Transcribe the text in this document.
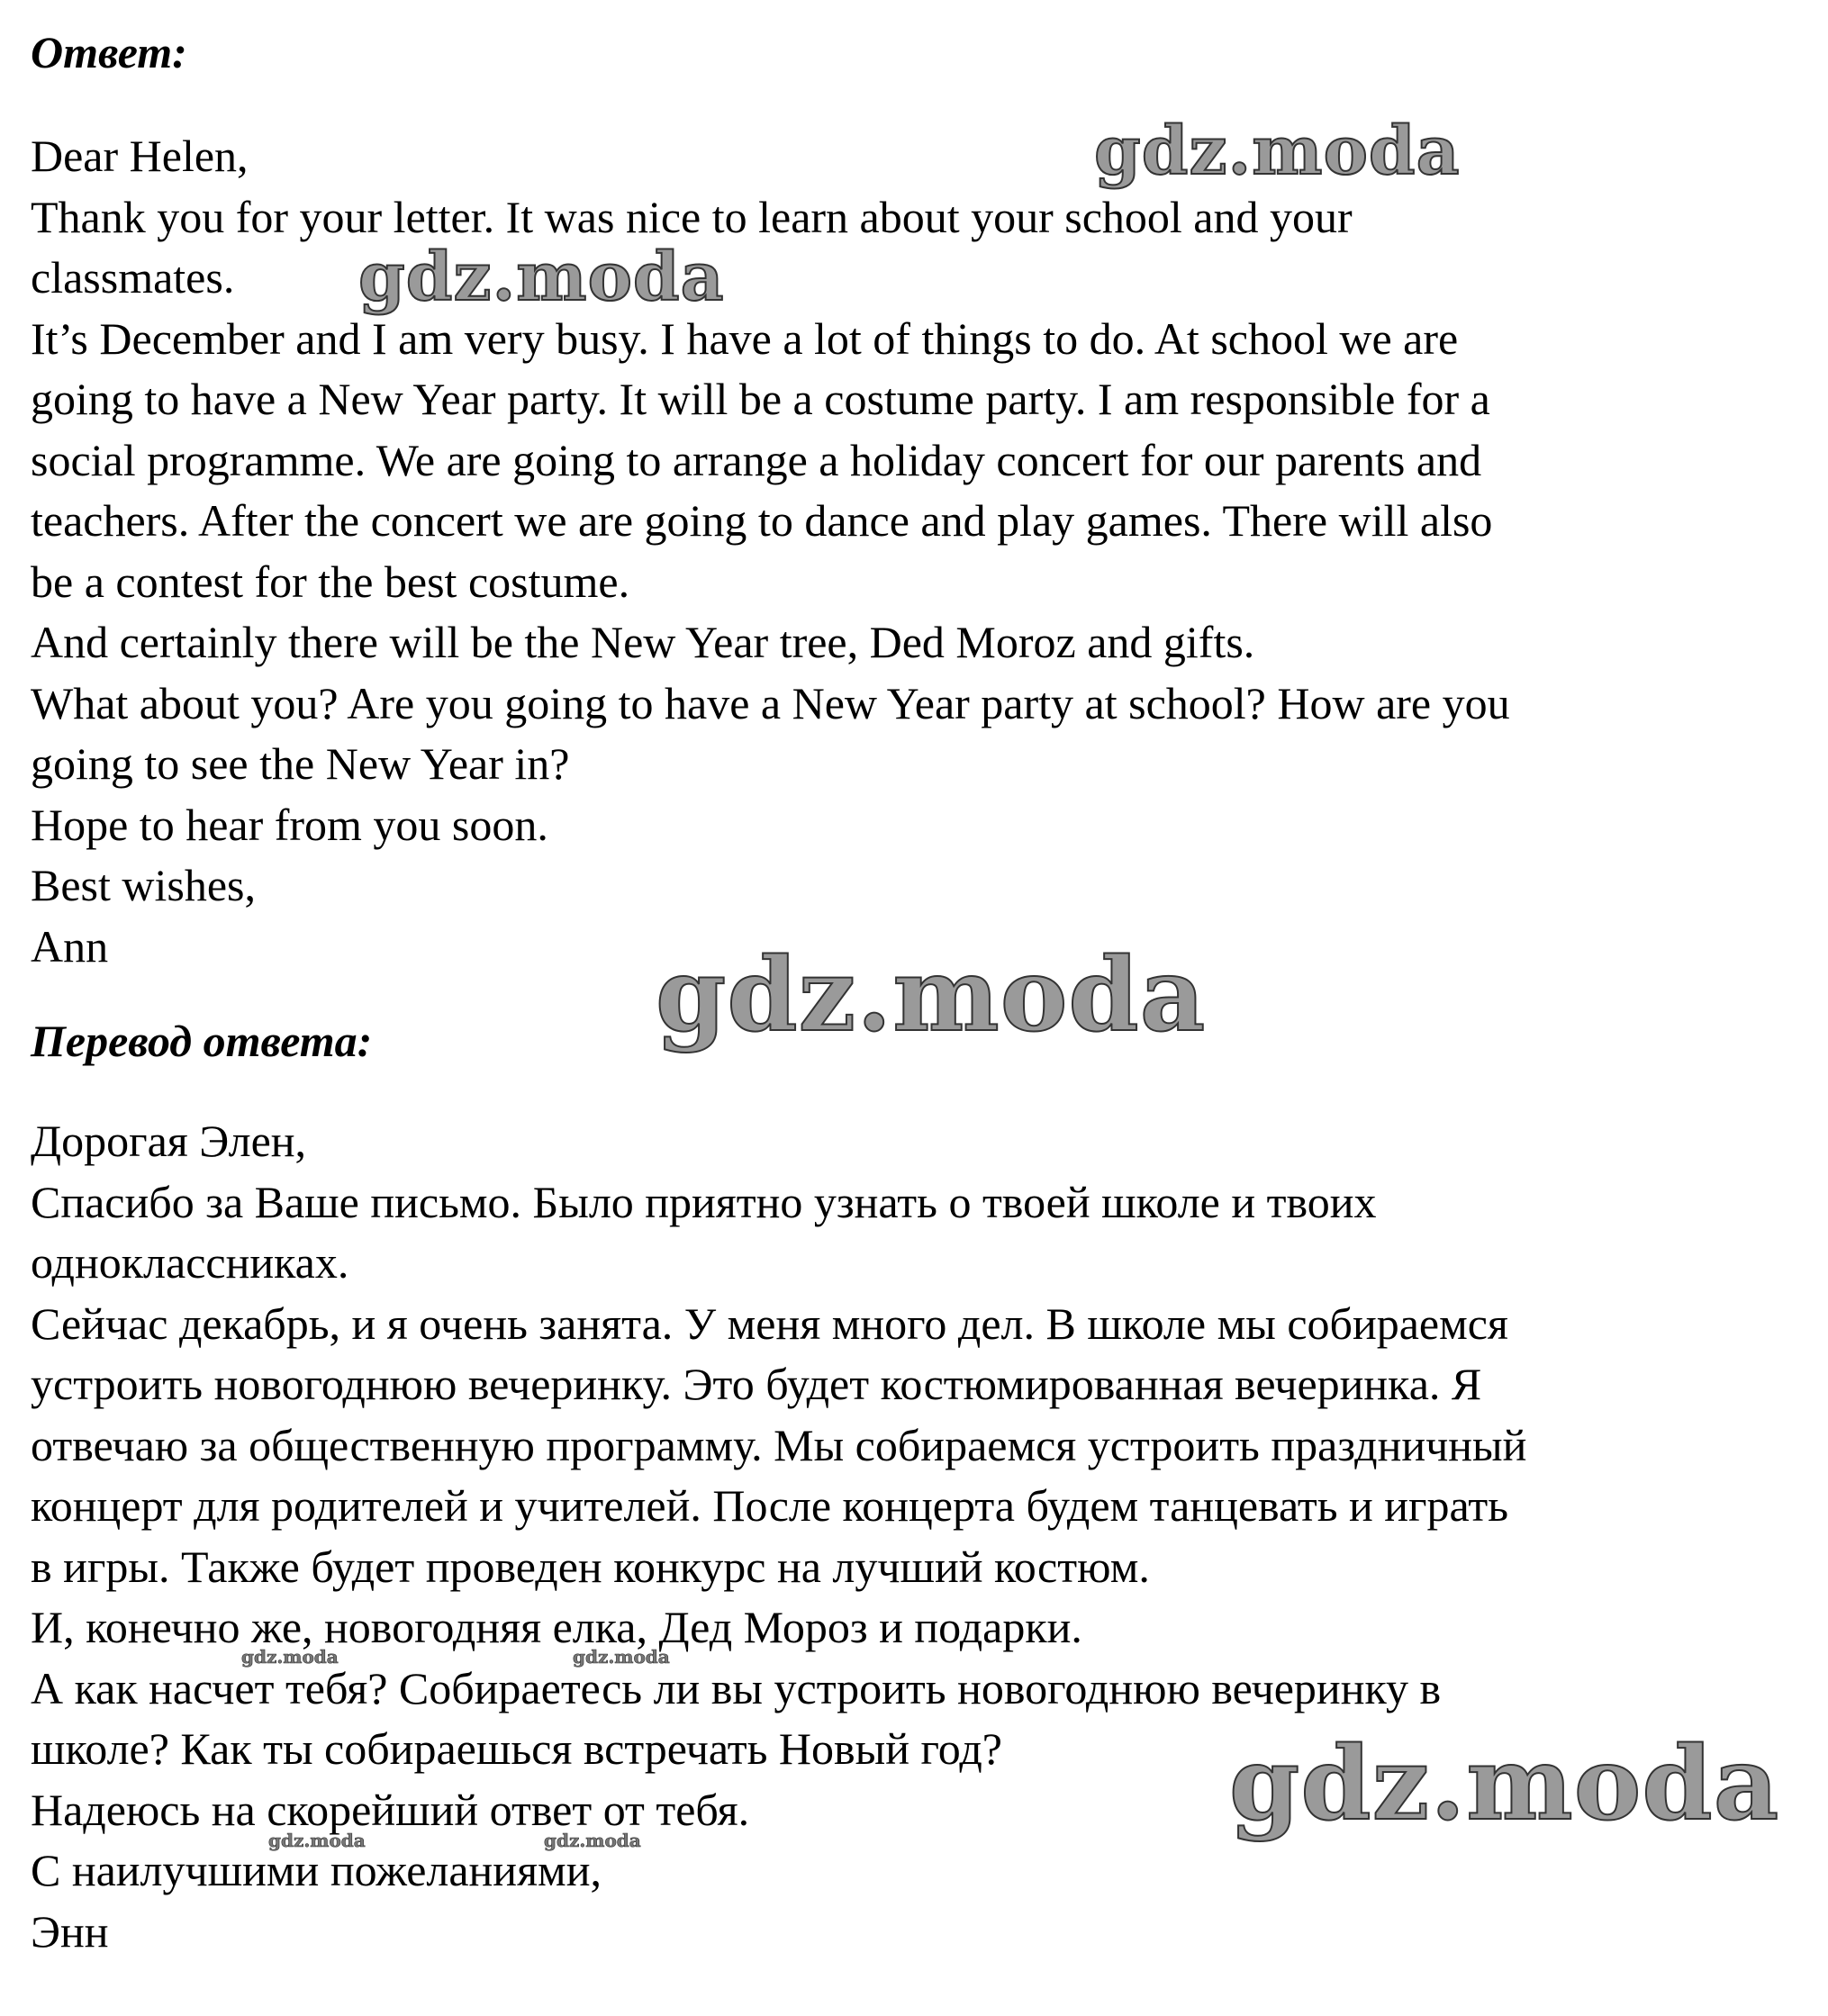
Ответ:
Dear Helen,
Thank you for your letter. It was nice to learn about your school and your
classmates.
It’s December and I am very busy. I have a lot of things to do. At school we are
going to have a New Year party. It will be a costume party. I am responsible for a
social programme. We are going to arrange a holiday concert for our parents and
teachers. After the concert we are going to dance and play games. There will also
be a contest for the best costume.
And certainly there will be the New Year tree, Ded Moroz and gifts.
What about you? Are you going to have a New Year party at school? How are you
going to see the New Year in?
Hope to hear from you soon.
Best wishes,
Ann
Перевод ответа:
Дорогая Элен,
Спасибо за Ваше письмо. Было приятно узнать о твоей школе и твоих
одноклассниках.
Сейчас декабрь, и я очень занята. У меня много дел. В школе мы собираемся
устроить новогоднюю вечеринку. Это будет костюмированная вечеринка. Я
отвечаю за общественную программу. Мы собираемся устроить праздничный
концерт для родителей и учителей. После концерта будем танцевать и играть
в игры. Также будет проведен конкурс на лучший костюм.
И, конечно же, новогодняя елка, Дед Мороз и подарки.
А как насчет тебя? Собираетесь ли вы устроить новогоднюю вечеринку в
школе? Как ты собираешься встречать Новый год?
Надеюсь на скорейший ответ от тебя.
С наилучшими пожеланиями,
Энн
gdz.moda
gdz.moda
gdz.moda
gdz.moda
gdz.moda	gdz.moda
gdz.moda	gdz.moda
